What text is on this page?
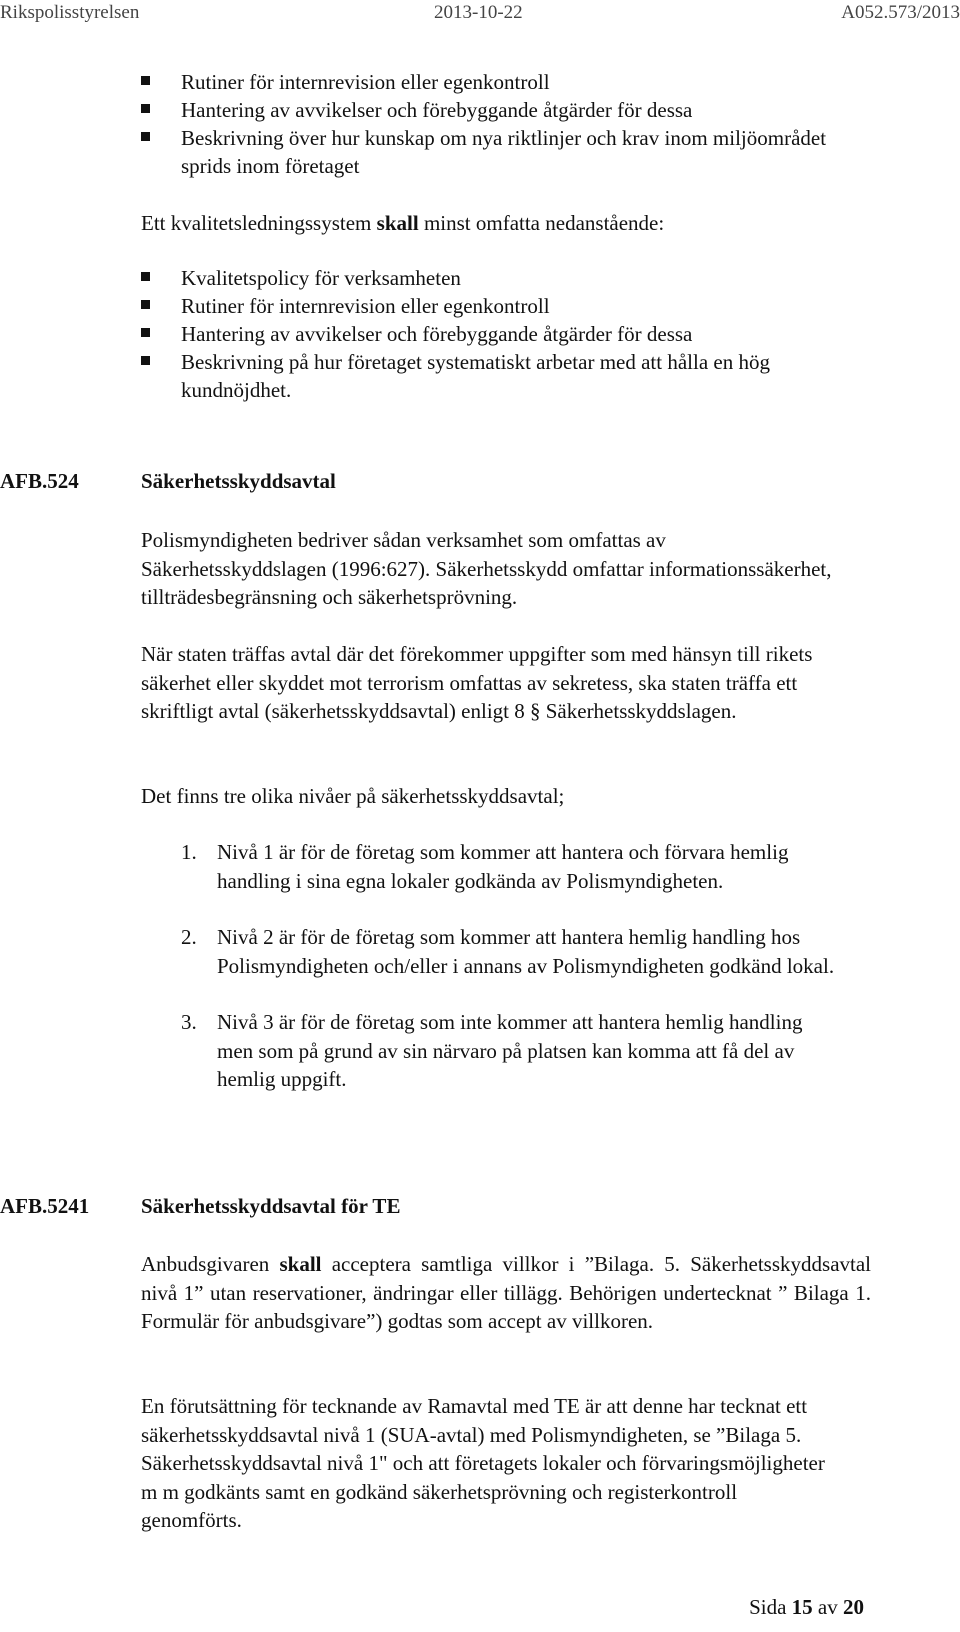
Rikspolisstyrelsen	2013-10-22	A052.573/2013
Rutiner för internrevision eller egenkontroll
Hantering av avvikelser och förebyggande åtgärder för dessa
Beskrivning över hur kunskap om nya riktlinjer och krav inom miljöområdet sprids inom företaget

Ett kvalitetsledningssystem skall minst omfatta nedanstående:

Kvalitetspolicy för verksamheten
Rutiner för internrevision eller egenkontroll
Hantering av avvikelser och förebyggande åtgärder för dessa
Beskrivning på hur företaget systematiskt arbetar med att hålla en hög kundnöjdhet.
AFB.524	Säkerhetsskyddsavtal

Polismyndigheten bedriver sådan verksamhet som omfattas av Säkerhetsskyddslagen (1996:627). Säkerhetsskydd omfattar informationssäkerhet, tillträdesbegränsning och säkerhetsprövning.

När staten träffas avtal där det förekommer uppgifter som med hänsyn till rikets säkerhet eller skyddet mot terrorism omfattas av sekretess, ska staten träffa ett skriftligt avtal (säkerhetsskyddsavtal) enligt 8 § Säkerhetsskyddslagen.

Det finns tre olika nivåer på säkerhetsskyddsavtal;

1. Nivå 1 är för de företag som kommer att hantera och förvara hemlig handling i sina egna lokaler godkända av Polismyndigheten.
2. Nivå 2 är för de företag som kommer att hantera hemlig handling hos Polismyndigheten och/eller i annans av Polismyndigheten godkänd lokal.
3. Nivå 3 är för de företag som inte kommer att hantera hemlig handling men som på grund av sin närvaro på platsen kan komma att få del av hemlig uppgift.
AFB.5241 Säkerhetsskyddsavtal för TE

Anbudsgivaren skall acceptera samtliga villkor i ”Bilaga. 5. Säkerhetsskyddsavtal nivå 1” utan reservationer, ändringar eller tillägg. Behörigen undertecknat ” Bilaga 1. Formulär för anbudsgivare”) godtas som accept av villkoren.

En förutsättning för tecknande av Ramavtal med TE är att denne har tecknat ett säkerhetsskyddsavtal nivå 1 (SUA-avtal) med Polismyndigheten, se ”Bilaga 5. Säkerhetsskyddsavtal nivå 1" och att företagets lokaler och förvaringsmöjligheter m m godkänts samt en godkänd säkerhetsprövning och registerkontroll genomförts.

Sida 15 av 20
